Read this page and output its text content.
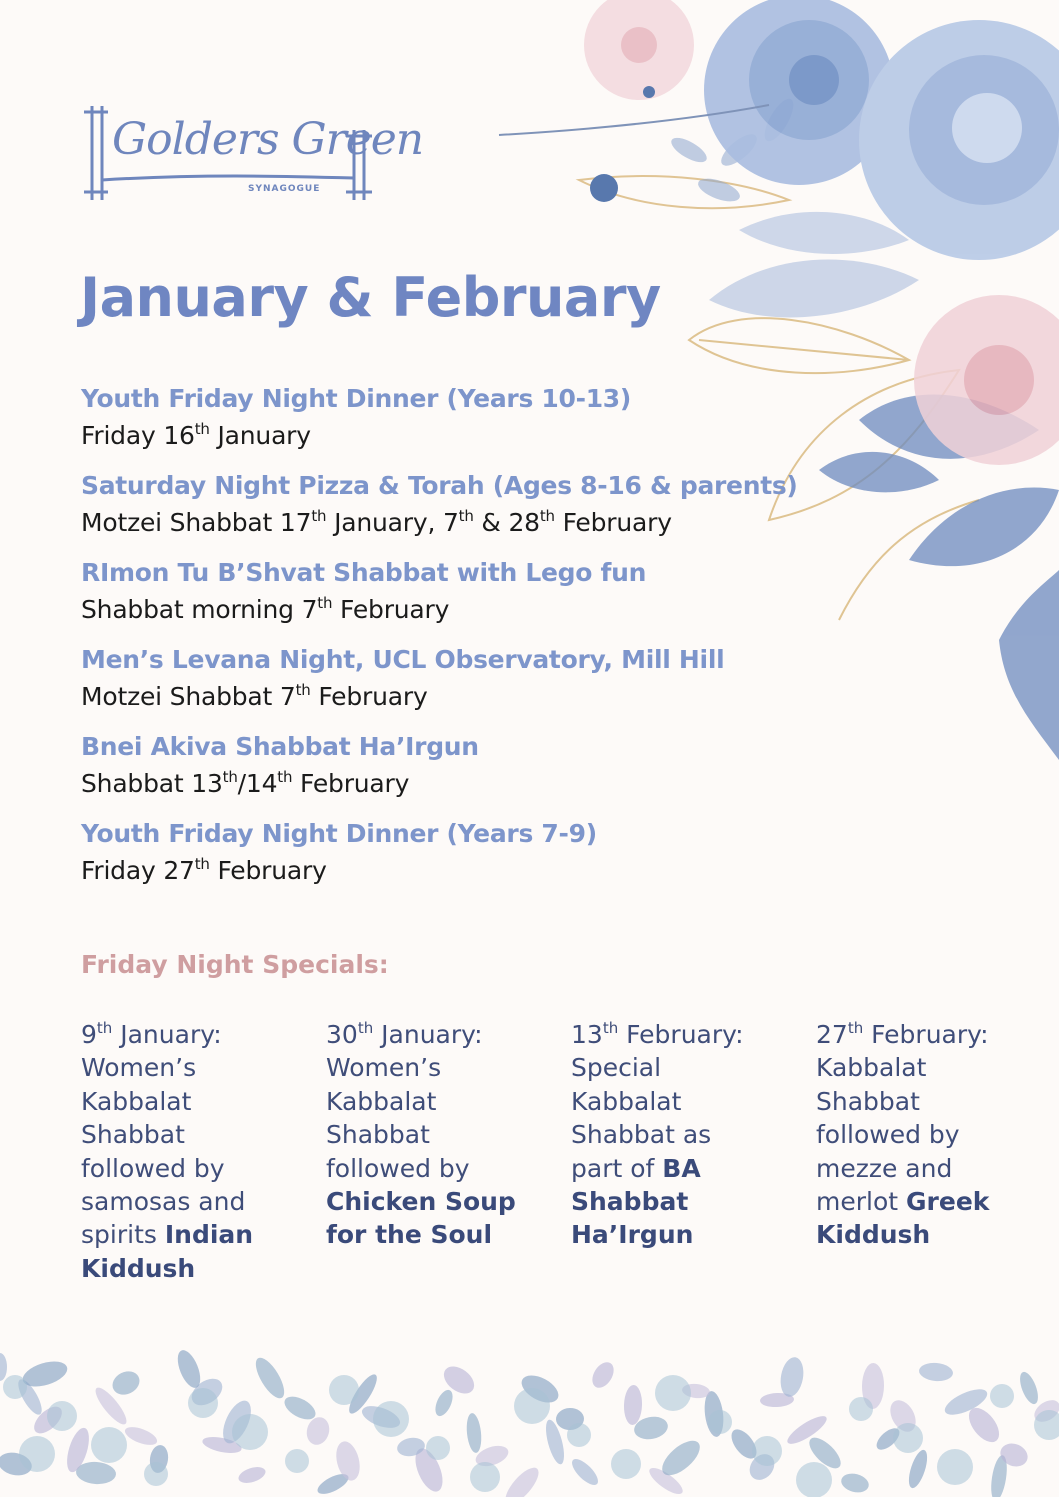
Golders Green
SYNAGOGUE
January & February
Youth Friday Night Dinner (Years 10-13)
Friday 16th January
Saturday Night Pizza & Torah (Ages 8-16 & parents)
Motzei Shabbat 17th January, 7th & 28th February
RImon Tu B’Shvat Shabbat with Lego fun
Shabbat morning 7th February
Men’s Levana Night, UCL Observatory, Mill Hill
Motzei Shabbat 7th February
Bnei Akiva Shabbat Ha’Irgun
Shabbat 13th/14th February
Youth Friday Night Dinner (Years 7-9)
Friday 27th February
Friday Night Specials:
9th January:
Women’s
Kabbalat
Shabbat
followed by
samosas and
spirits Indian
Kiddush
30th January:
Women’s
Kabbalat
Shabbat
followed by
Chicken Soup
for the Soul
13th February:
Special
Kabbalat
Shabbat as
part of BA
Shabbat
Ha’Irgun
27th February:
Kabbalat
Shabbat
followed by
mezze and
merlot Greek
Kiddush
